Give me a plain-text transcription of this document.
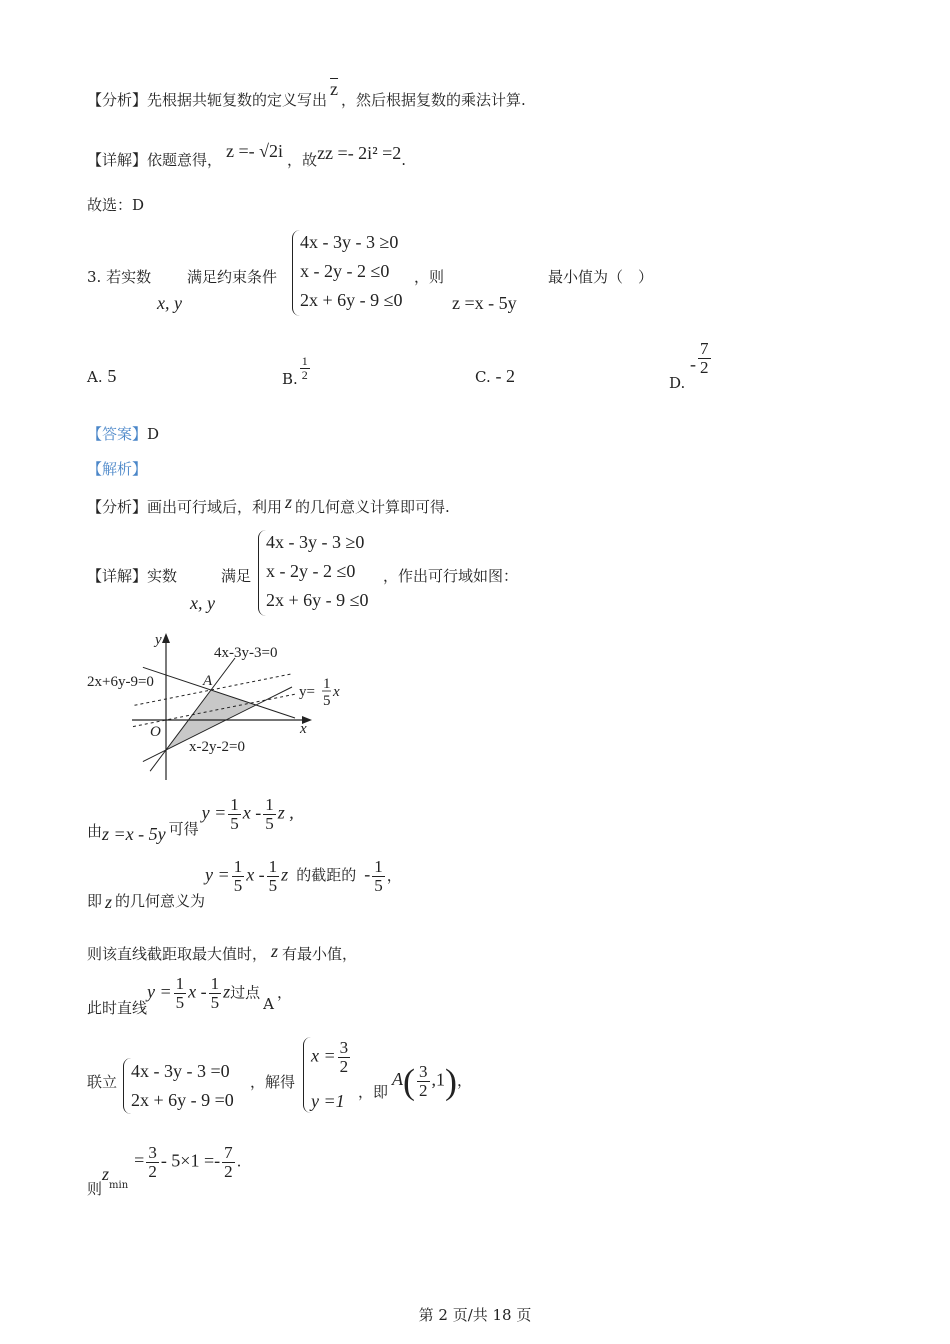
【分析】先根据共轭复数的定义写出$\overline{z}$，然后根据复数的乘法计算.
【详解】依题意得， z =- √2i ，故zz =- 2i² =2.
故选：D
3. 若实数
x, y
满足约束条件
4x - 3y - 3 ≥0
x - 2y - 2 ≤0
2x + 6y - 9 ≤0
，则
z =x - 5y
最小值为（　）
A. 5	B. $\frac{1}{2}$	C. - 2	D. - $\frac{7}{2}$
【答案】D
【解析】
【分析】画出可行域后，利用 z 的几何意义计算即可得.
【详解】实数
x, y
满足
4x - 3y - 3 ≥0
x - 2y - 2 ≤0
2x + 6y - 9 ≤0
，作出可行域如图：
y
x
O
A
4x-3y-3=0
2x+6y-9=0
x-2y-2=0
y= 1
5
x
由z =x - 5y 可得$y = \frac{1}{5}$ x - $\frac{1}{5}$ z ,
即 z 的几何意义为$y = \frac{1}{5}$ x - $\frac{1}{5}$ z 的截距的 - $\frac{1}{5}$ ，
则该直线截距取最大值时， z 有最小值，
此时直线$y = \frac{1}{5}$ x - $\frac{1}{5}$ z过点A，
联立
4x - 3y - 3 =0
2x + 6y - 9 =0
，解得
$x = \frac{3}{2}$
y =1 ，即$A( \frac{3}{2} ,1)$，
则$z_{min}= \frac{3}{2} - 5\times 1 =- \frac{7}{2}$ .
第 2 页/共 18 页
